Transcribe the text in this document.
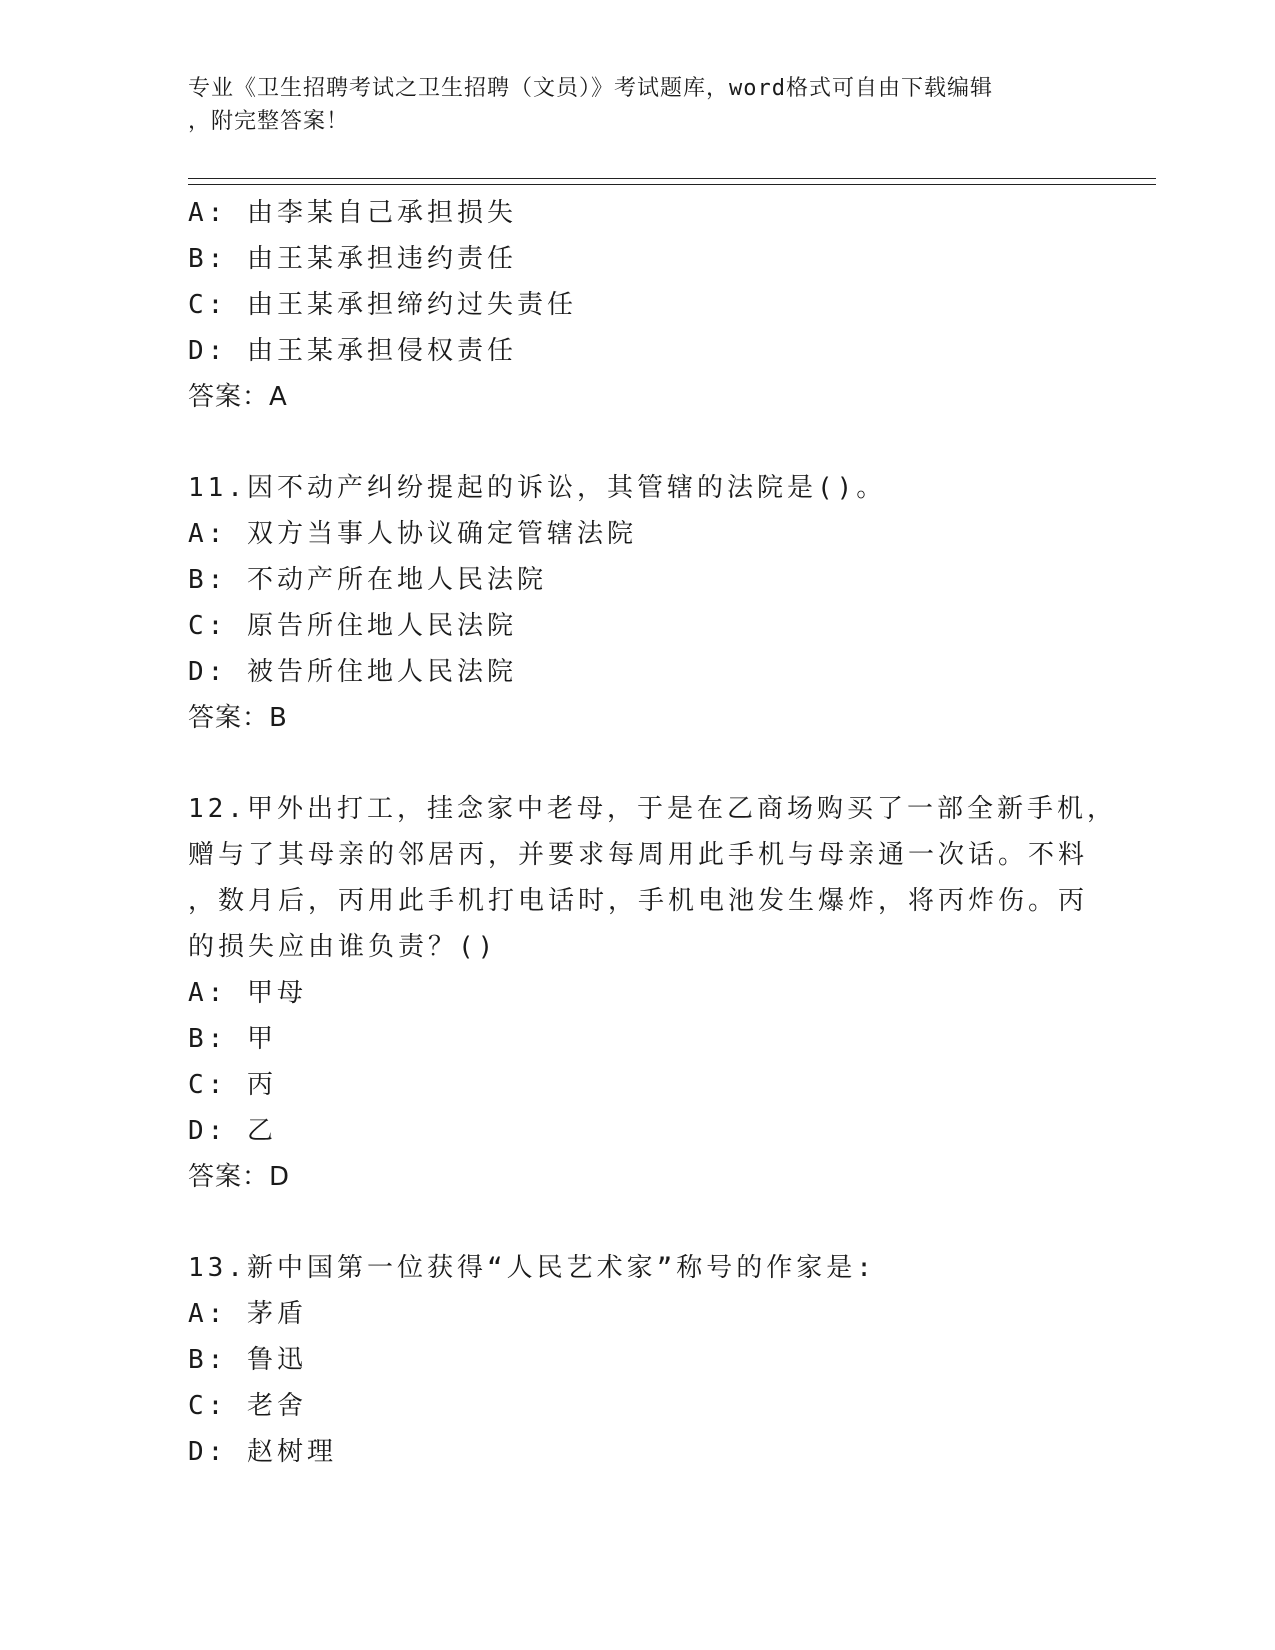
专业《卫生招聘考试之卫生招聘（文员）》考试题库，word格式可自由下载编辑
，附完整答案！
A: 由李某自己承担损失
B: 由王某承担违约责任
C: 由王某承担缔约过失责任
D: 由王某承担侵权责任
答案：A
11.因不动产纠纷提起的诉讼，其管辖的法院是()。
A: 双方当事人协议确定管辖法院
B: 不动产所在地人民法院
C: 原告所住地人民法院
D: 被告所住地人民法院
答案：B
12.甲外出打工，挂念家中老母，于是在乙商场购买了一部全新手机，
赠与了其母亲的邻居丙，并要求每周用此手机与母亲通一次话。不料
，数月后，丙用此手机打电话时，手机电池发生爆炸，将丙炸伤。丙
的损失应由谁负责？()
A: 甲母
B: 甲
C: 丙
D: 乙
答案：D
13.新中国第一位获得“人民艺术家”称号的作家是:
A: 茅盾
B: 鲁迅
C: 老舍
D: 赵树理
